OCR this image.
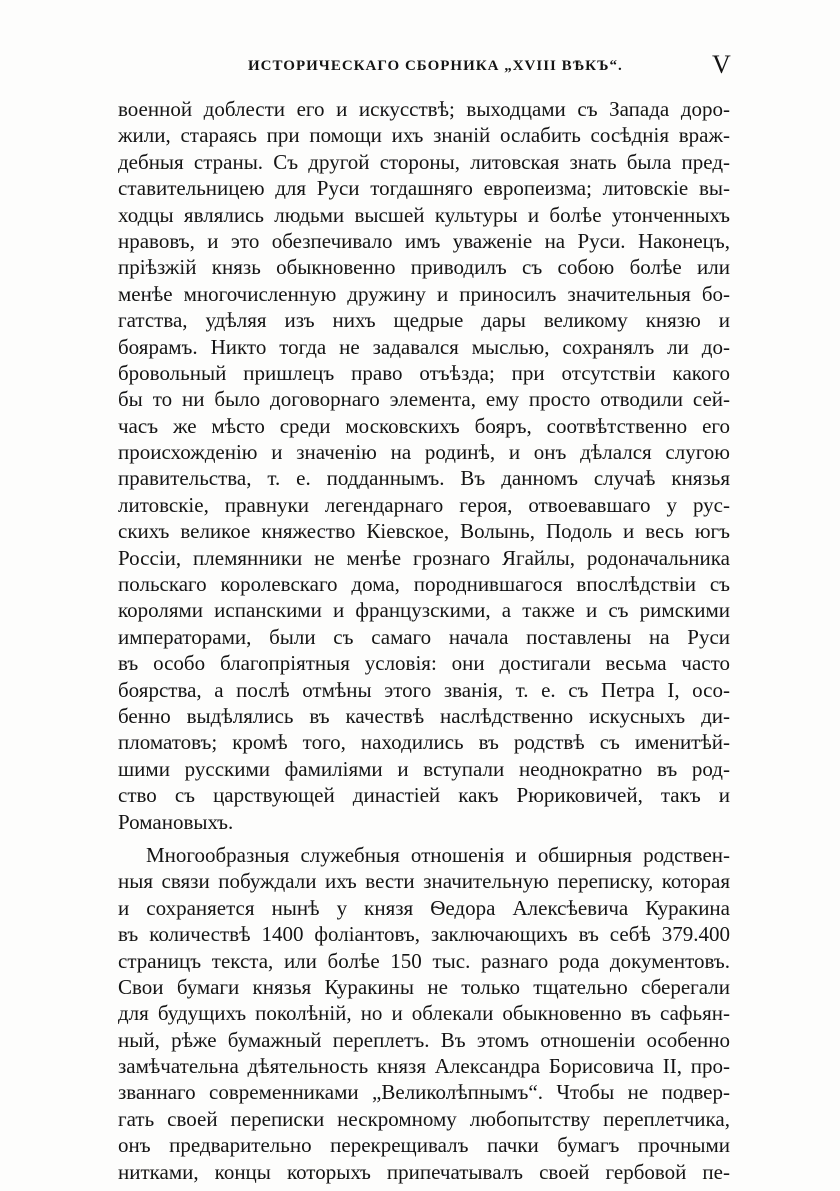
ИСТОРИЧЕСКАГО СБОРНИКА „XVIII ВѢКЪ“.	V
военной доблести его и искусствѣ; выходцами съ Запада доро-
жили, стараясь при помощи ихъ знаній ослабить сосѣднія враж-
дебныя страны. Съ другой стороны, литовская знать была пред-
ставительницею для Руси тогдашняго европеизма; литовскіе вы-
ходцы являлись людьми высшей культуры и болѣе утонченныхъ
нравовъ, и это обезпечивало имъ уваженіе на Руси. Наконецъ,
пріѣзжій князь обыкновенно приводилъ съ собою болѣе или
менѣе многочисленную дружину и приносилъ значительныя бо-
гатства, удѣляя изъ нихъ щедрые дары великому князю и
боярамъ. Никто тогда не задавался мыслью, сохранялъ ли до-
бровольный пришлецъ право отъѣзда; при отсутствіи какого
бы то ни было договорнаго элемента, ему просто отводили сей-
часъ же мѣсто среди московскихъ бояръ, соотвѣтственно его
происхожденію и значенію на родинѣ, и онъ дѣлался слугою
правительства, т. е. подданнымъ. Въ данномъ случаѣ князья
литовскіе, правнуки легендарнаго героя, отвоевавшаго у рус-
скихъ великое княжество Кіевское, Волынь, Подоль и весь югъ
Россіи, племянники не менѣе грознаго Ягайлы, родоначальника
польскаго королевскаго дома, породнившагося впослѣдствіи съ
королями испанскими и французскими, а также и съ римскими
императорами, были съ самаго начала поставлены на Руси
въ особо благопріятныя условія: они достигали весьма часто
боярства, а послѣ отмѣны этого званія, т. е. съ Петра I, осо-
бенно выдѣлялись въ качествѣ наслѣдственно искусныхъ ди-
пломатовъ; кромѣ того, находились въ родствѣ съ именитѣй-
шими русскими фамиліями и вступали неоднократно въ род-
ство съ царствующей династіей какъ Рюриковичей, такъ и
Романовыхъ.
Многообразныя служебныя отношенія и обширныя родствен-
ныя связи побуждали ихъ вести значительную переписку, которая
и сохраняется нынѣ у князя Ѳедора Алексѣевича Куракина
въ количествѣ 1400 фоліантовъ, заключающихъ въ себѣ 379.400
страницъ текста, или болѣе 150 тыс. разнаго рода документовъ.
Свои бумаги князья Куракины не только тщательно сберегали
для будущихъ поколѣній, но и облекали обыкновенно въ сафьян-
ный, рѣже бумажный переплетъ. Въ этомъ отношеніи особенно
замѣчательна дѣятельность князя Александра Борисовича II, про-
званнаго современниками „Великолѣпнымъ“. Чтобы не подвер-
гать своей переписки нескромному любопытству переплетчика,
онъ предварительно перекрещивалъ пачки бумагъ прочными
нитками, концы которыхъ припечатывалъ своей гербовой пе-
